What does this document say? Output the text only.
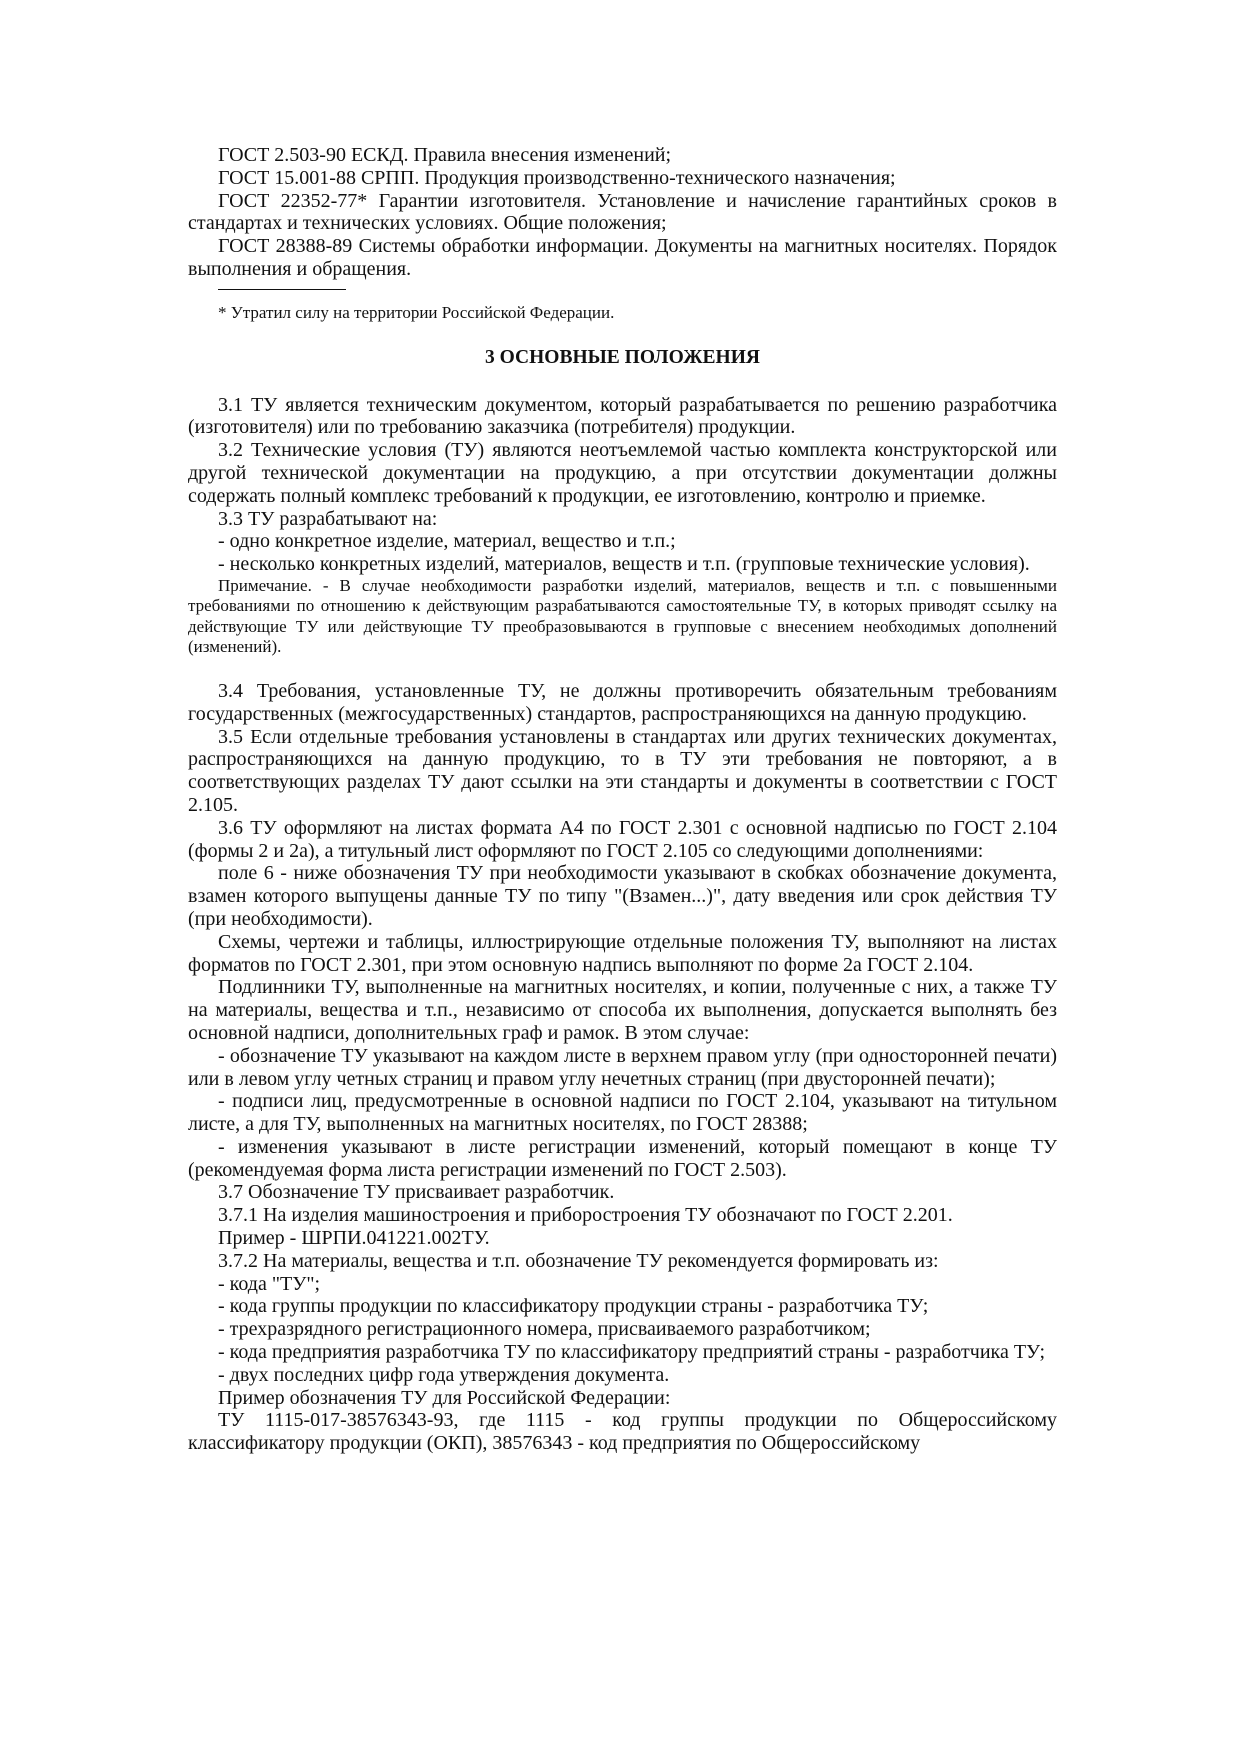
ГОСТ 2.503-90 ЕСКД. Правила внесения изменений;

ГОСТ 15.001-88 СРПП. Продукция производственно-технического назначения;

ГОСТ 22352-77* Гарантии изготовителя. Установление и начисление гарантийных сроков в стандартах и технических условиях. Общие положения;

ГОСТ 28388-89 Системы обработки информации. Документы на магнитных носителях. Порядок выполнения и обращения.

* Утратил силу на территории Российской Федерации.

3 ОСНОВНЫЕ ПОЛОЖЕНИЯ

3.1 ТУ является техническим документом, который разрабатывается по решению разработчика (изготовителя) или по требованию заказчика (потребителя) продукции.

3.2 Технические условия (ТУ) являются неотъемлемой частью комплекта конструкторской или другой технической документации на продукцию, а при отсутствии документации должны содержать полный комплекс требований к продукции, ее изготовлению, контролю и приемке.

3.3 ТУ разрабатывают на:

- одно конкретное изделие, материал, вещество и т.п.;

- несколько конкретных изделий, материалов, веществ и т.п. (групповые технические условия).

Примечание. - В случае необходимости разработки изделий, материалов, веществ и т.п. с повышенными требованиями по отношению к действующим разрабатываются самостоятельные ТУ, в которых приводят ссылку на действующие ТУ или действующие ТУ преобразовываются в групповые с внесением необходимых дополнений (изменений).

3.4 Требования, установленные ТУ, не должны противоречить обязательным требованиям государственных (межгосударственных) стандартов, распространяющихся на данную продукцию.

3.5 Если отдельные требования установлены в стандартах или других технических документах, распространяющихся на данную продукцию, то в ТУ эти требования не повторяют, а в соответствующих разделах ТУ дают ссылки на эти стандарты и документы в соответствии с ГОСТ 2.105.

3.6 ТУ оформляют на листах формата А4 по ГОСТ 2.301 с основной надписью по ГОСТ 2.104 (формы 2 и 2а), а титульный лист оформляют по ГОСТ 2.105 со следующими дополнениями:

поле 6 - ниже обозначения ТУ при необходимости указывают в скобках обозначение документа, взамен которого выпущены данные ТУ по типу "(Взамен...)", дату введения или срок действия ТУ (при необходимости).

Схемы, чертежи и таблицы, иллюстрирующие отдельные положения ТУ, выполняют на листах форматов по ГОСТ 2.301, при этом основную надпись выполняют по форме 2а ГОСТ 2.104.

Подлинники ТУ, выполненные на магнитных носителях, и копии, полученные с них, а также ТУ на материалы, вещества и т.п., независимо от способа их выполнения, допускается выполнять без основной надписи, дополнительных граф и рамок. В этом случае:

- обозначение ТУ указывают на каждом листе в верхнем правом углу (при односторонней печати) или в левом углу четных страниц и правом углу нечетных страниц (при двусторонней печати);

- подписи лиц, предусмотренные в основной надписи по ГОСТ 2.104, указывают на титульном листе, а для ТУ, выполненных на магнитных носителях, по ГОСТ 28388;

- изменения указывают в листе регистрации изменений, который помещают в конце ТУ (рекомендуемая форма листа регистрации изменений по ГОСТ 2.503).

3.7 Обозначение ТУ присваивает разработчик.

3.7.1 На изделия машиностроения и приборостроения ТУ обозначают по ГОСТ 2.201.

Пример - ШРПИ.041221.002ТУ.

3.7.2 На материалы, вещества и т.п. обозначение ТУ рекомендуется формировать из:

- кода "ТУ";

- кода группы продукции по классификатору продукции страны - разработчика ТУ;

- трехразрядного регистрационного номера, присваиваемого разработчиком;

- кода предприятия разработчика ТУ по классификатору предприятий страны - разработчика ТУ;

- двух последних цифр года утверждения документа.

Пример обозначения ТУ для Российской Федерации:

ТУ 1115-017-38576343-93, где 1115 - код группы продукции по Общероссийскому классификатору продукции (ОКП), 38576343 - код предприятия по Общероссийскому
